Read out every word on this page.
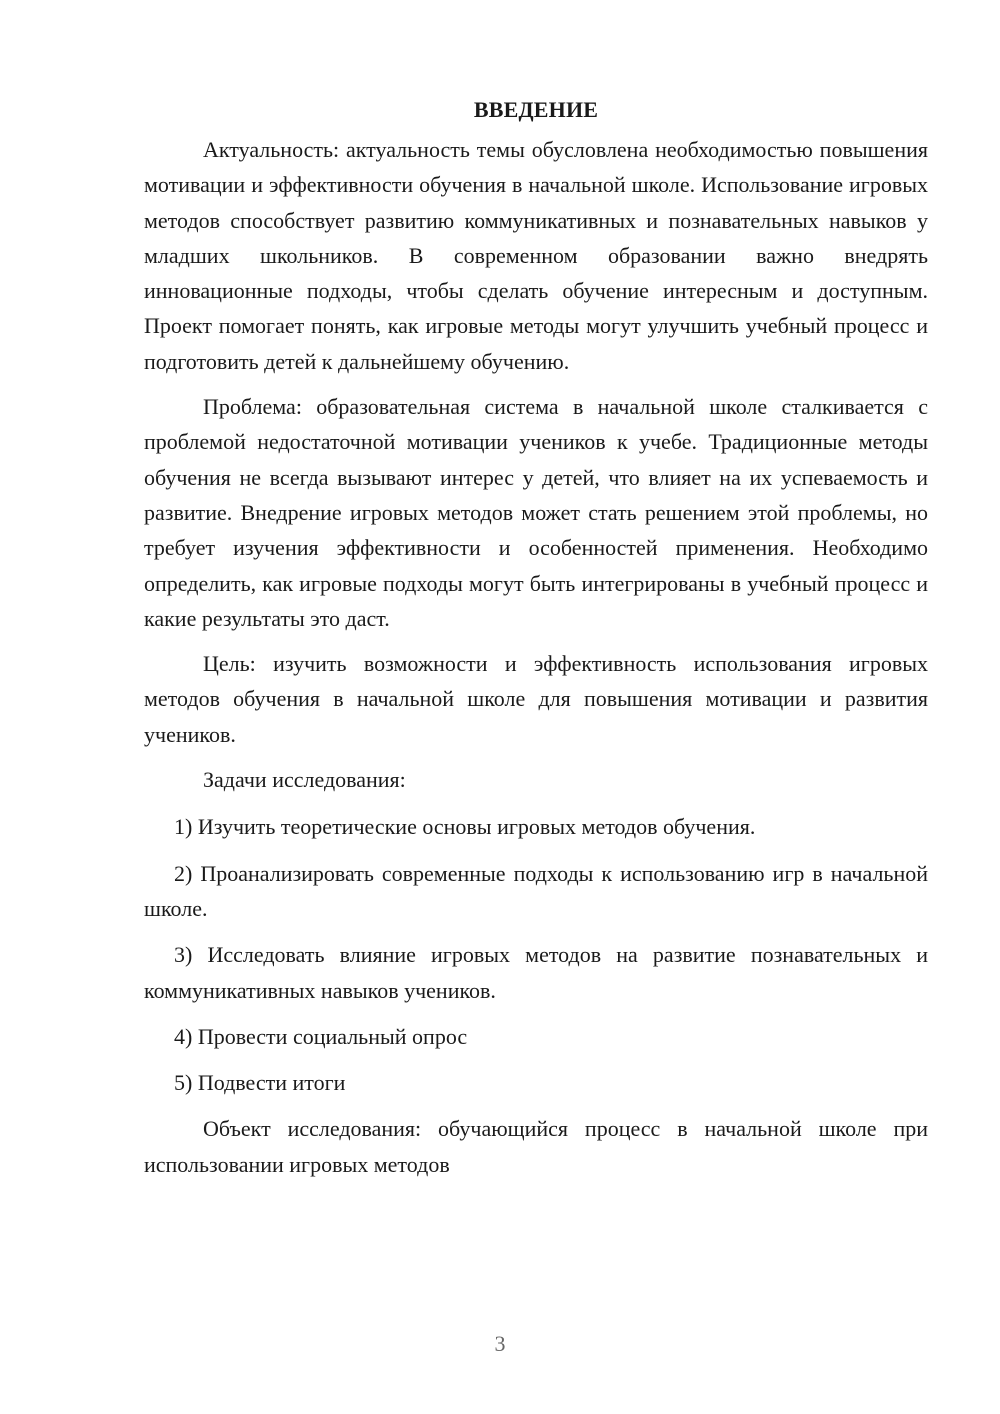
ВВЕДЕНИЕ

Актуальность: актуальность темы обусловлена необходимостью повышения мотивации и эффективности обучения в начальной школе. Использование игровых методов способствует развитию коммуникативных и познавательных навыков у младших школьников. В современном образовании важно внедрять инновационные подходы, чтобы сделать обучение интересным и доступным. Проект помогает понять, как игровые методы могут улучшить учебный процесс и подготовить детей к дальнейшему обучению.

Проблема: образовательная система в начальной школе сталкивается с проблемой недостаточной мотивации учеников к учебе. Традиционные методы обучения не всегда вызывают интерес у детей, что влияет на их успеваемость и развитие. Внедрение игровых методов может стать решением этой проблемы, но требует изучения эффективности и особенностей применения. Необходимо определить, как игровые подходы могут быть интегрированы в учебный процесс и какие результаты это даст.

Цель: изучить возможности и эффективность использования игровых методов обучения в начальной школе для повышения мотивации и развития учеников.

Задачи исследования:

1) Изучить теоретические основы игровых методов обучения.

2) Проанализировать современные подходы к использованию игр в начальной школе.

3) Исследовать влияние игровых методов на развитие познавательных и коммуникативных навыков учеников.

4) Провести социальный опрос

5) Подвести итоги

Объект исследования: обучающийся процесс в начальной школе при использовании игровых методов

3
